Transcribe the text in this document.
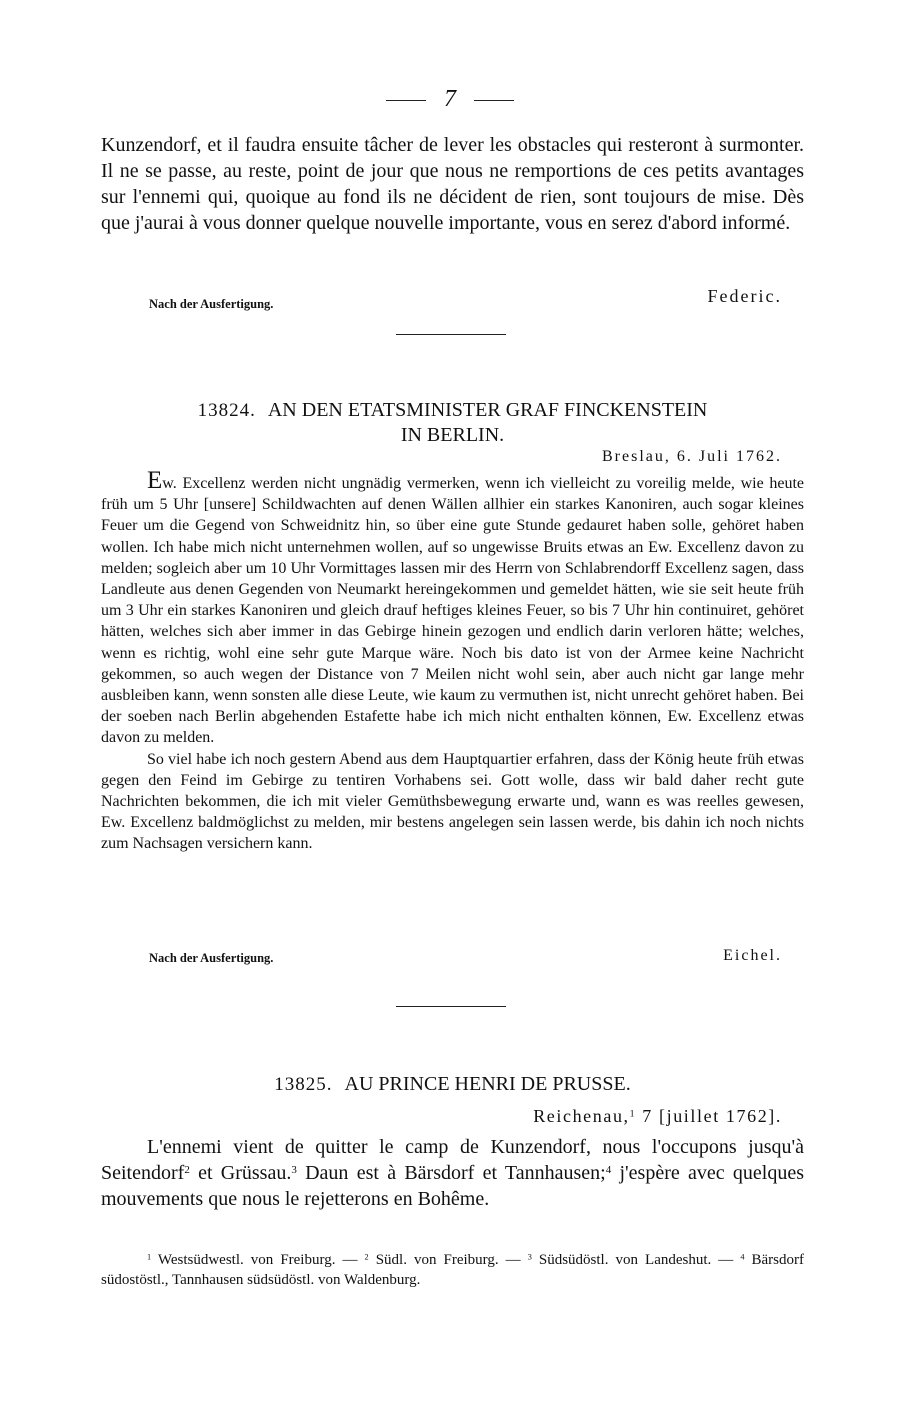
7

Kunzendorf, et il faudra ensuite tâcher de lever les obstacles qui resteront à surmonter. Il ne se passe, au reste, point de jour que nous ne remportions de ces petits avantages sur l'ennemi qui, quoique au fond ils ne décident de rien, sont toujours de mise. Dès que j'aurai à vous donner quelque nouvelle importante, vous en serez d'abord informé.

Nach der Ausfertigung.	Federic.
13824. AN DEN ETATSMINISTER GRAF FINCKENSTEIN
IN BERLIN.
Breslau, 6. Juli 1762.

Ew. Excellenz werden nicht ungnädig vermerken, wenn ich vielleicht zu voreilig melde, wie heute früh um 5 Uhr [unsere] Schildwachten auf denen Wällen allhier ein starkes Kanoniren, auch sogar kleines Feuer um die Gegend von Schweidnitz hin, so über eine gute Stunde gedauret haben solle, gehöret haben wollen. Ich habe mich nicht unternehmen wollen, auf so ungewisse Bruits etwas an Ew. Excellenz davon zu melden; sogleich aber um 10 Uhr Vormittages lassen mir des Herrn von Schlabrendorff Excellenz sagen, dass Landleute aus denen Gegenden von Neumarkt hereingekommen und gemeldet hätten, wie sie seit heute früh um 3 Uhr ein starkes Kanoniren und gleich drauf heftiges kleines Feuer, so bis 7 Uhr hin continuiret, gehöret hätten, welches sich aber immer in das Gebirge hinein gezogen und endlich darin verloren hätte; welches, wenn es richtig, wohl eine sehr gute Marque wäre. Noch bis dato ist von der Armee keine Nachricht gekommen, so auch wegen der Distance von 7 Meilen nicht wohl sein, aber auch nicht gar lange mehr ausbleiben kann, wenn sonsten alle diese Leute, wie kaum zu vermuthen ist, nicht unrecht gehöret haben. Bei der soeben nach Berlin abgehenden Estafette habe ich mich nicht enthalten können, Ew. Excellenz etwas davon zu melden.

So viel habe ich noch gestern Abend aus dem Hauptquartier erfahren, dass der König heute früh etwas gegen den Feind im Gebirge zu tentiren Vorhabens sei. Gott wolle, dass wir bald daher recht gute Nachrichten bekommen, die ich mit vieler Gemüthsbewegung erwarte und, wann es was reelles gewesen, Ew. Excellenz baldmöglichst zu melden, mir bestens angelegen sein lassen werde, bis dahin ich noch nichts zum Nachsagen versichern kann.

Nach der Ausfertigung.	Eichel.
13825. AU PRINCE HENRI DE PRUSSE.
Reichenau,$^1$ 7 [juillet 1762].

L'ennemi vient de quitter le camp de Kunzendorf, nous l'occupons jusqu'à Seitendorf$^2$ et Grüssau.$^3$ Daun est à Bärsdorf et Tannhausen;$^4$ j'espère avec quelques mouvements que nous le rejetterons en Bohême.

$^1$ Westsüdwestl. von Freiburg. — $^2$ Südl. von Freiburg. — $^3$ Südsüdöstl. von Landeshut. — $^4$ Bärsdorf südostöstl., Tannhausen südsüdöstl. von Waldenburg.
